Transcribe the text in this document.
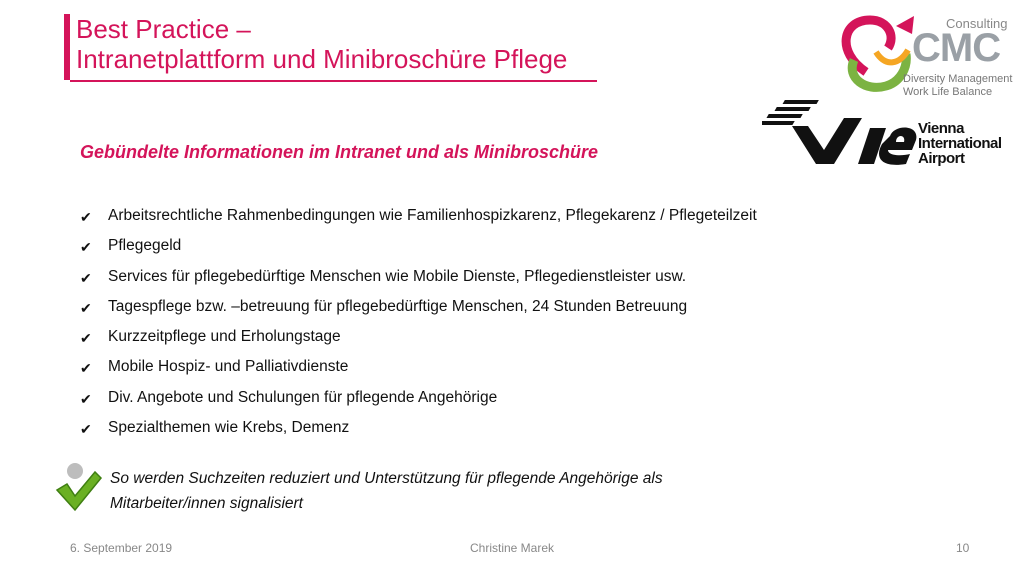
Best Practice –
Intranetplattform und Minibroschüre Pflege
Consulting
CMC
Diversity Management
Work Life Balance
Vienna
International
Airport
Gebündelte Informationen im Intranet und als Minibroschüre
✔ Arbeitsrechtliche Rahmenbedingungen wie Familienhospizkarenz, Pflegekarenz / Pflegeteilzeit
✔ Pflegegeld
✔ Services für pflegebedürftige Menschen wie Mobile Dienste, Pflegedienstleister usw.
✔ Tagespflege bzw. –betreuung für pflegebedürftige Menschen, 24 Stunden Betreuung
✔ Kurzzeitpflege und Erholungstage
✔ Mobile Hospiz- und Palliativdienste
✔ Div. Angebote und Schulungen für pflegende Angehörige
✔ Spezialthemen wie Krebs, Demenz
So werden Suchzeiten reduziert und Unterstützung für pflegende Angehörige als
Mitarbeiter/innen signalisiert
6. September 2019	Christine Marek	10
